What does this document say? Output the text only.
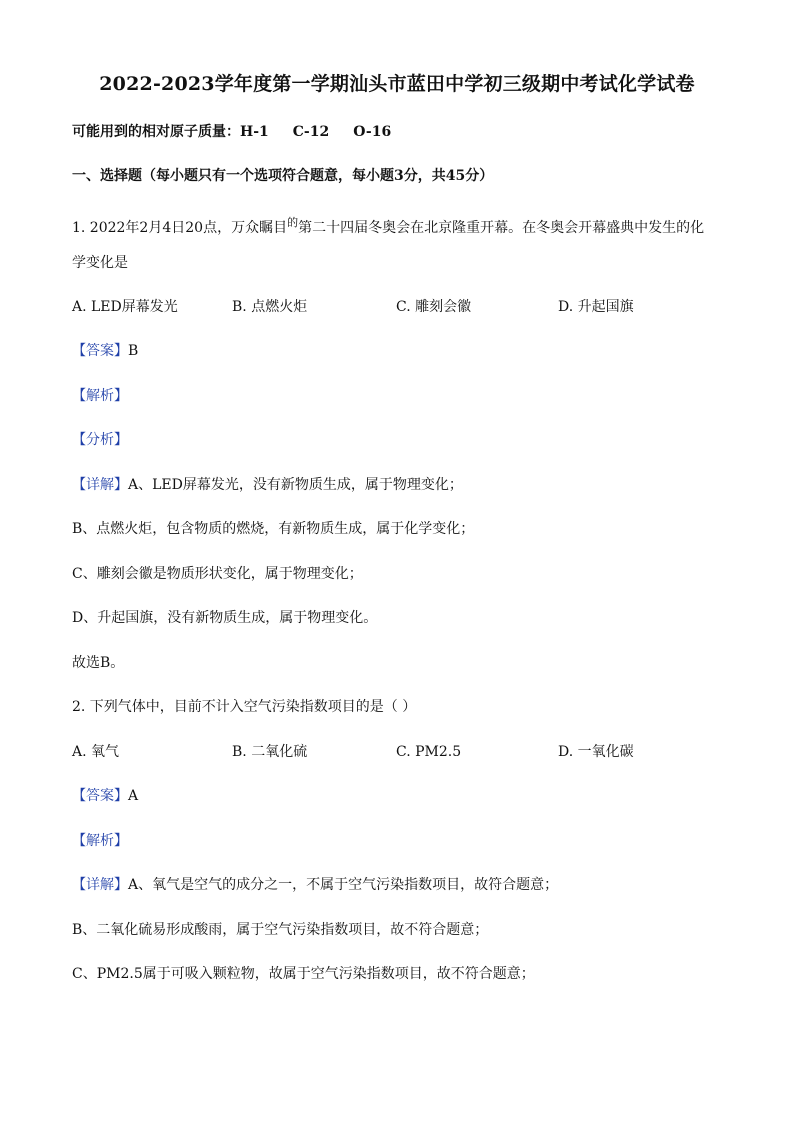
2022-2023学年度第一学期汕头市蓝田中学初三级期中考试化学试卷
可能用到的相对原子质量：H-1 C-12 O-16
一、选择题（每小题只有一个选项符合题意，每小题3分，共45分）
1. 2022年2月4日20点，万众瞩目$^的$第二十四届冬奥会在北京隆重开幕。在冬奥会开幕盛典中发生的化
学变化是
A. LED屏幕发光	B. 点燃火炬	C. 雕刻会徽	D. 升起国旗
【答案】B
【解析】
【分析】
【详解】A、LED屏幕发光，没有新物质生成，属于物理变化；
B、点燃火炬，包含物质的燃烧，有新物质生成，属于化学变化；
C、雕刻会徽是物质形状变化，属于物理变化；
D、升起国旗，没有新物质生成，属于物理变化。
故选B。
2. 下列气体中，目前不计入空气污染指数项目的是（ ）
A. 氧气	B. 二氧化硫	C. PM2.5	D. 一氧化碳
【答案】A
【解析】
【详解】A、氧气是空气的成分之一，不属于空气污染指数项目，故符合题意；
B、二氧化硫易形成酸雨，属于空气污染指数项目，故不符合题意；
C、PM2.5属于可吸入颗粒物，故属于空气污染指数项目，故不符合题意；
